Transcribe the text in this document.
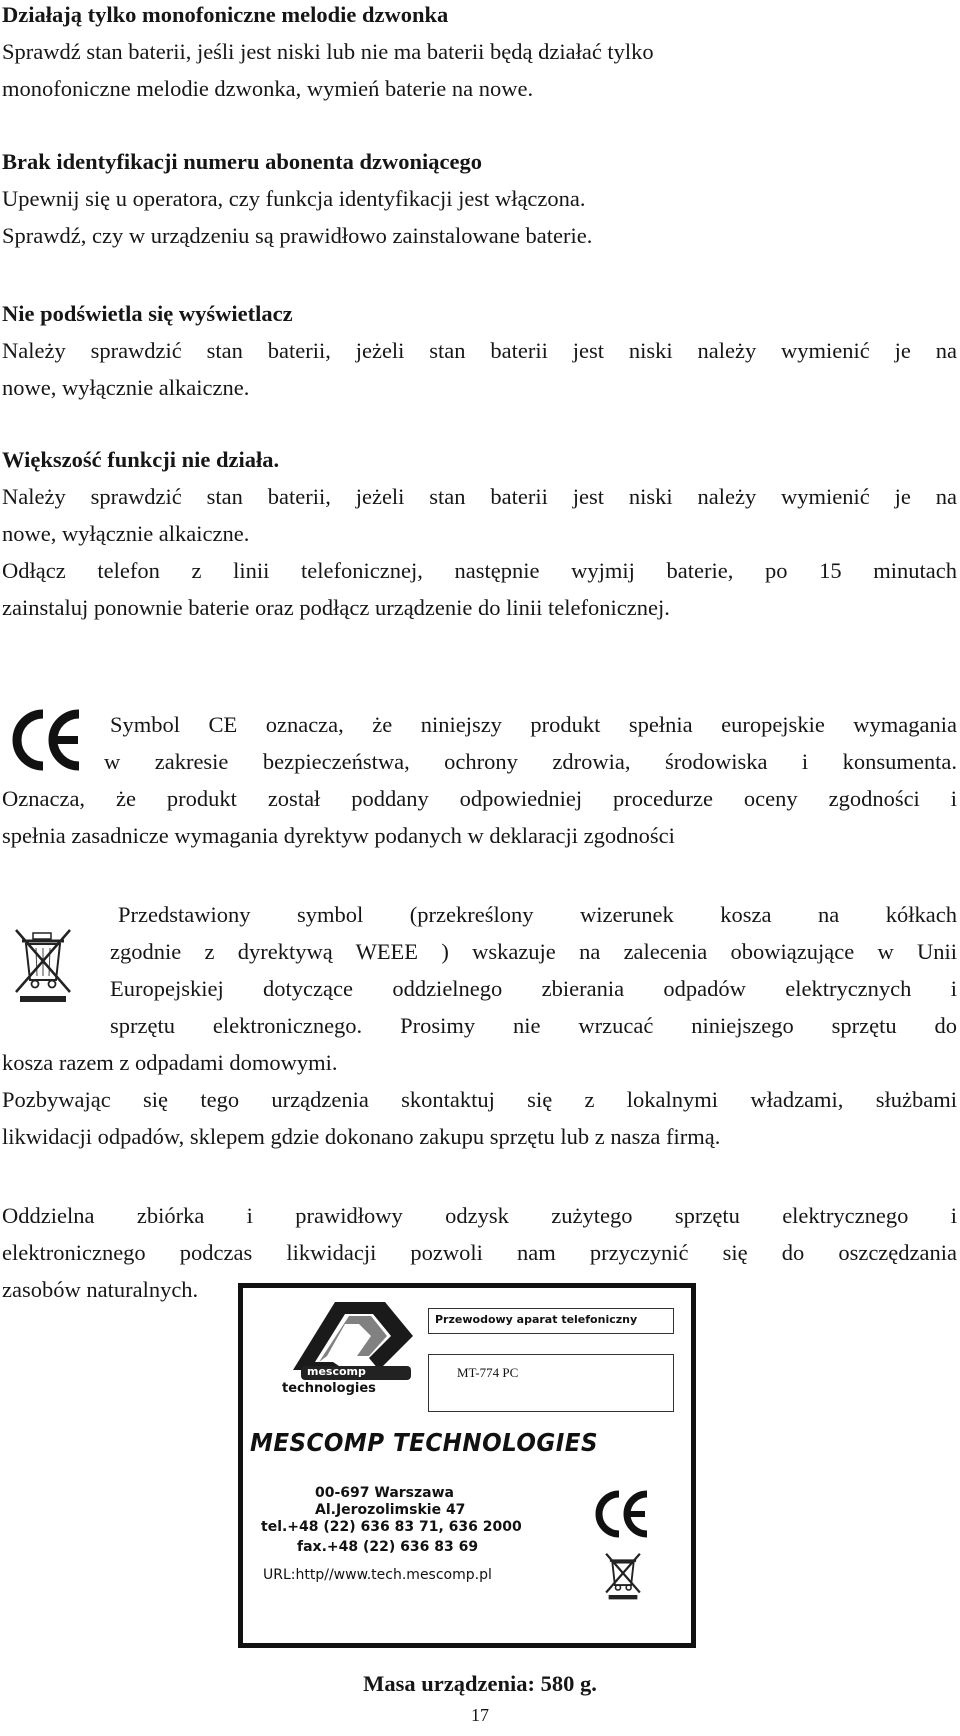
Działają tylko monofoniczne melodie dzwonka
Sprawdź stan baterii, jeśli jest niski lub nie ma baterii będą działać tylko
monofoniczne melodie dzwonka, wymień baterie na nowe.
Brak identyfikacji numeru abonenta dzwoniącego
Upewnij się u operatora, czy funkcja identyfikacji jest włączona.
Sprawdź, czy w urządzeniu są prawidłowo zainstalowane baterie.
Nie podświetla się wyświetlacz
Należy sprawdzić stan baterii, jeżeli stan baterii jest niski należy wymienić je na
nowe, wyłącznie alkaiczne.
Większość funkcji nie działa.
Należy sprawdzić stan baterii, jeżeli stan baterii jest niski należy wymienić je na
nowe, wyłącznie alkaiczne.
Odłącz telefon z linii telefonicznej, następnie wyjmij baterie, po 15 minutach
zainstaluj ponownie baterie oraz podłącz urządzenie do linii telefonicznej.
Symbol CE oznacza, że niniejszy produkt spełnia europejskie wymagania
w zakresie bezpieczeństwa, ochrony zdrowia, środowiska i konsumenta.
Oznacza, że produkt został poddany odpowiedniej procedurze oceny zgodności i
spełnia zasadnicze wymagania dyrektyw podanych w deklaracji zgodności
Przedstawiony symbol (przekreślony wizerunek kosza na kółkach
zgodnie z dyrektywą WEEE ) wskazuje na zalecenia obowiązujące w Unii
Europejskiej dotyczące oddzielnego zbierania odpadów elektrycznych i
sprzętu elektronicznego. Prosimy nie wrzucać niniejszego sprzętu do
kosza razem z odpadami domowymi.
Pozbywając się tego urządzenia skontaktuj się z lokalnymi władzami, służbami
likwidacji odpadów, sklepem gdzie dokonano zakupu sprzętu lub z nasza firmą.
Oddzielna zbiórka i prawidłowy odzysk zużytego sprzętu elektrycznego i
elektronicznego podczas likwidacji pozwoli nam przyczynić się do oszczędzania
zasobów naturalnych.
mescomp
technologies
Przewodowy aparat telefoniczny
MT-774 PC
MESCOMP TECHNOLOGIES
00-697 Warszawa
Al.Jerozolimskie 47
tel.+48 (22) 636 83 71, 636 2000
fax.+48 (22) 636 83 69
URL:http//www.tech.mescomp.pl
Masa urządzenia: 580 g.
17
